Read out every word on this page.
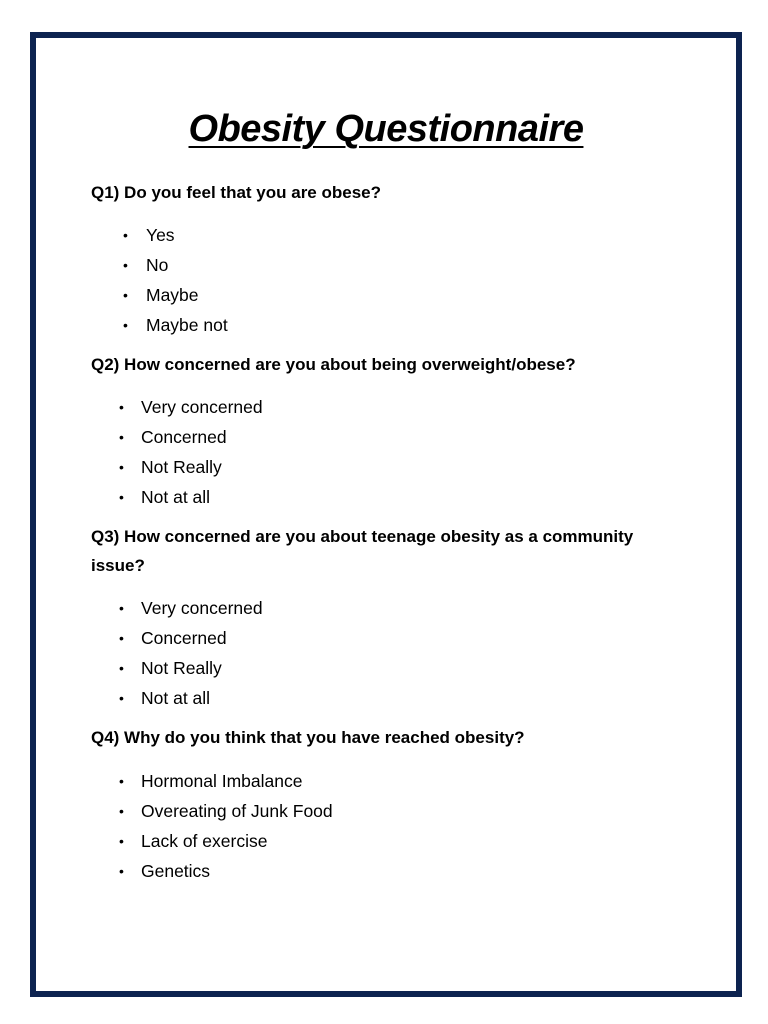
Obesity Questionnaire

Q1) Do you feel that you are obese?

• Yes
• No
• Maybe
• Maybe not

Q2) How concerned are you about being overweight/obese?

• Very concerned
• Concerned
• Not Really
• Not at all

Q3) How concerned are you about teenage obesity as a community issue?

• Very concerned
• Concerned
• Not Really
• Not at all

Q4) Why do you think that you have reached obesity?

• Hormonal Imbalance
• Overeating of Junk Food
• Lack of exercise
• Genetics
